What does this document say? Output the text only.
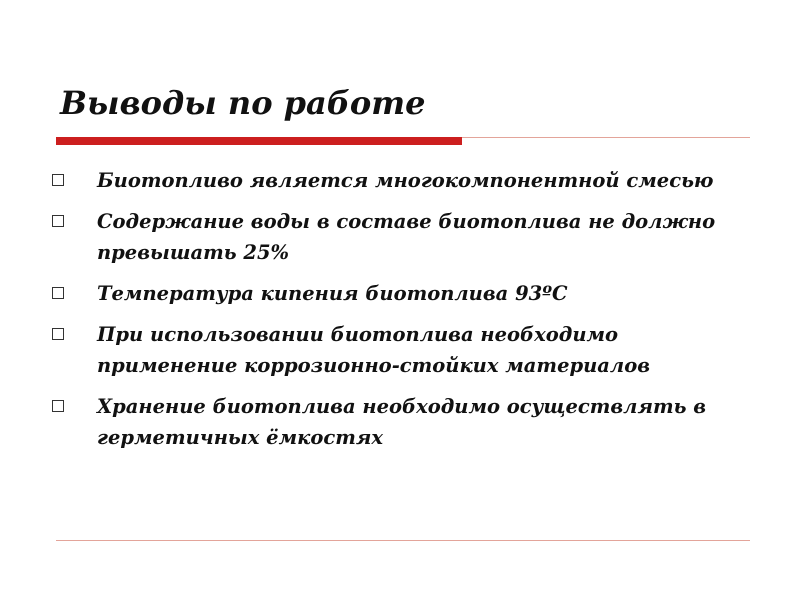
Выводы по работе
Биотопливо является многокомпонентной смесью
Содержание воды в составе биотоплива не должно превышать 25%
Температура кипения биотоплива 93ºС
При использовании биотоплива необходимо применение коррозионно-стойких материалов
Хранение биотоплива необходимо осуществлять в герметичных ёмкостях
